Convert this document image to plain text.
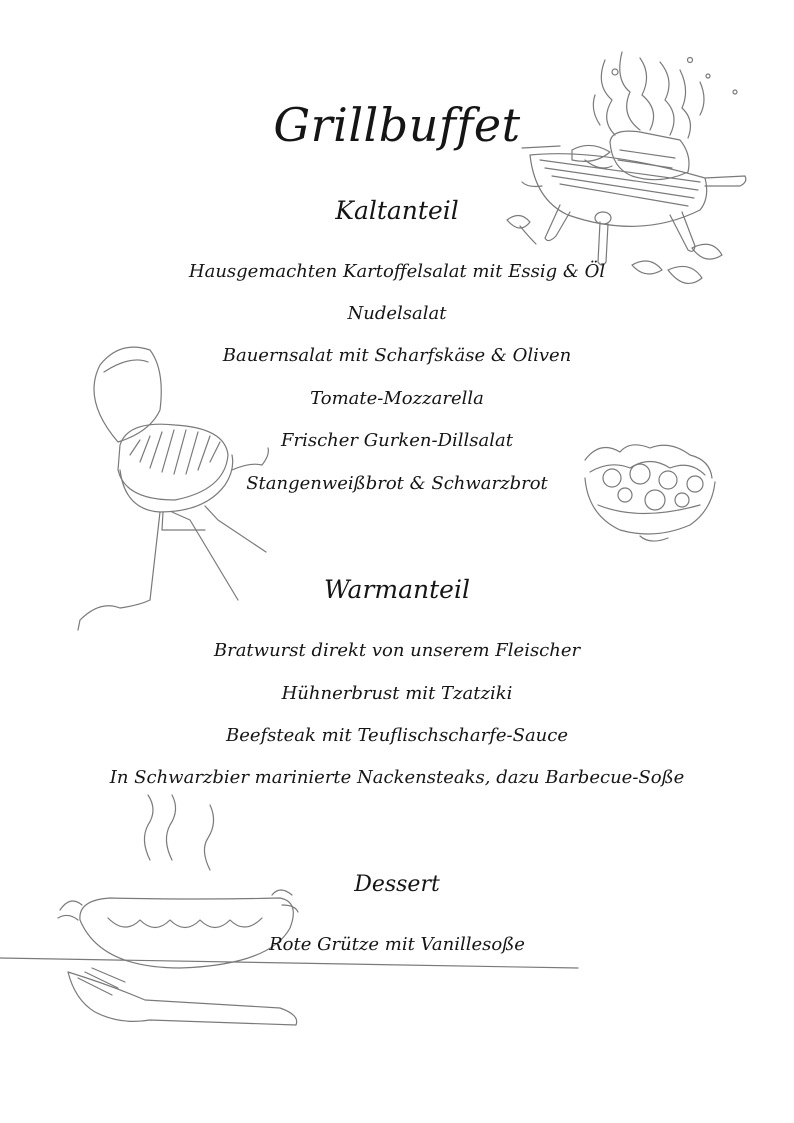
Grillbuffet
Kaltanteil
Hausgemachten Kartoffelsalat mit Essig & Öl
Nudelsalat
Bauernsalat mit Scharfskäse & Oliven
Tomate-Mozzarella
Frischer Gurken-Dillsalat
Stangenweißbrot & Schwarzbrot
Warmanteil
Bratwurst direkt von unserem Fleischer
Hühnerbrust mit Tzatziki
Beefsteak mit Teuflischscharfe-Sauce
In Schwarzbier marinierte Nackensteaks, dazu Barbecue-Soße
Dessert
Rote Grütze mit Vanillesoße
